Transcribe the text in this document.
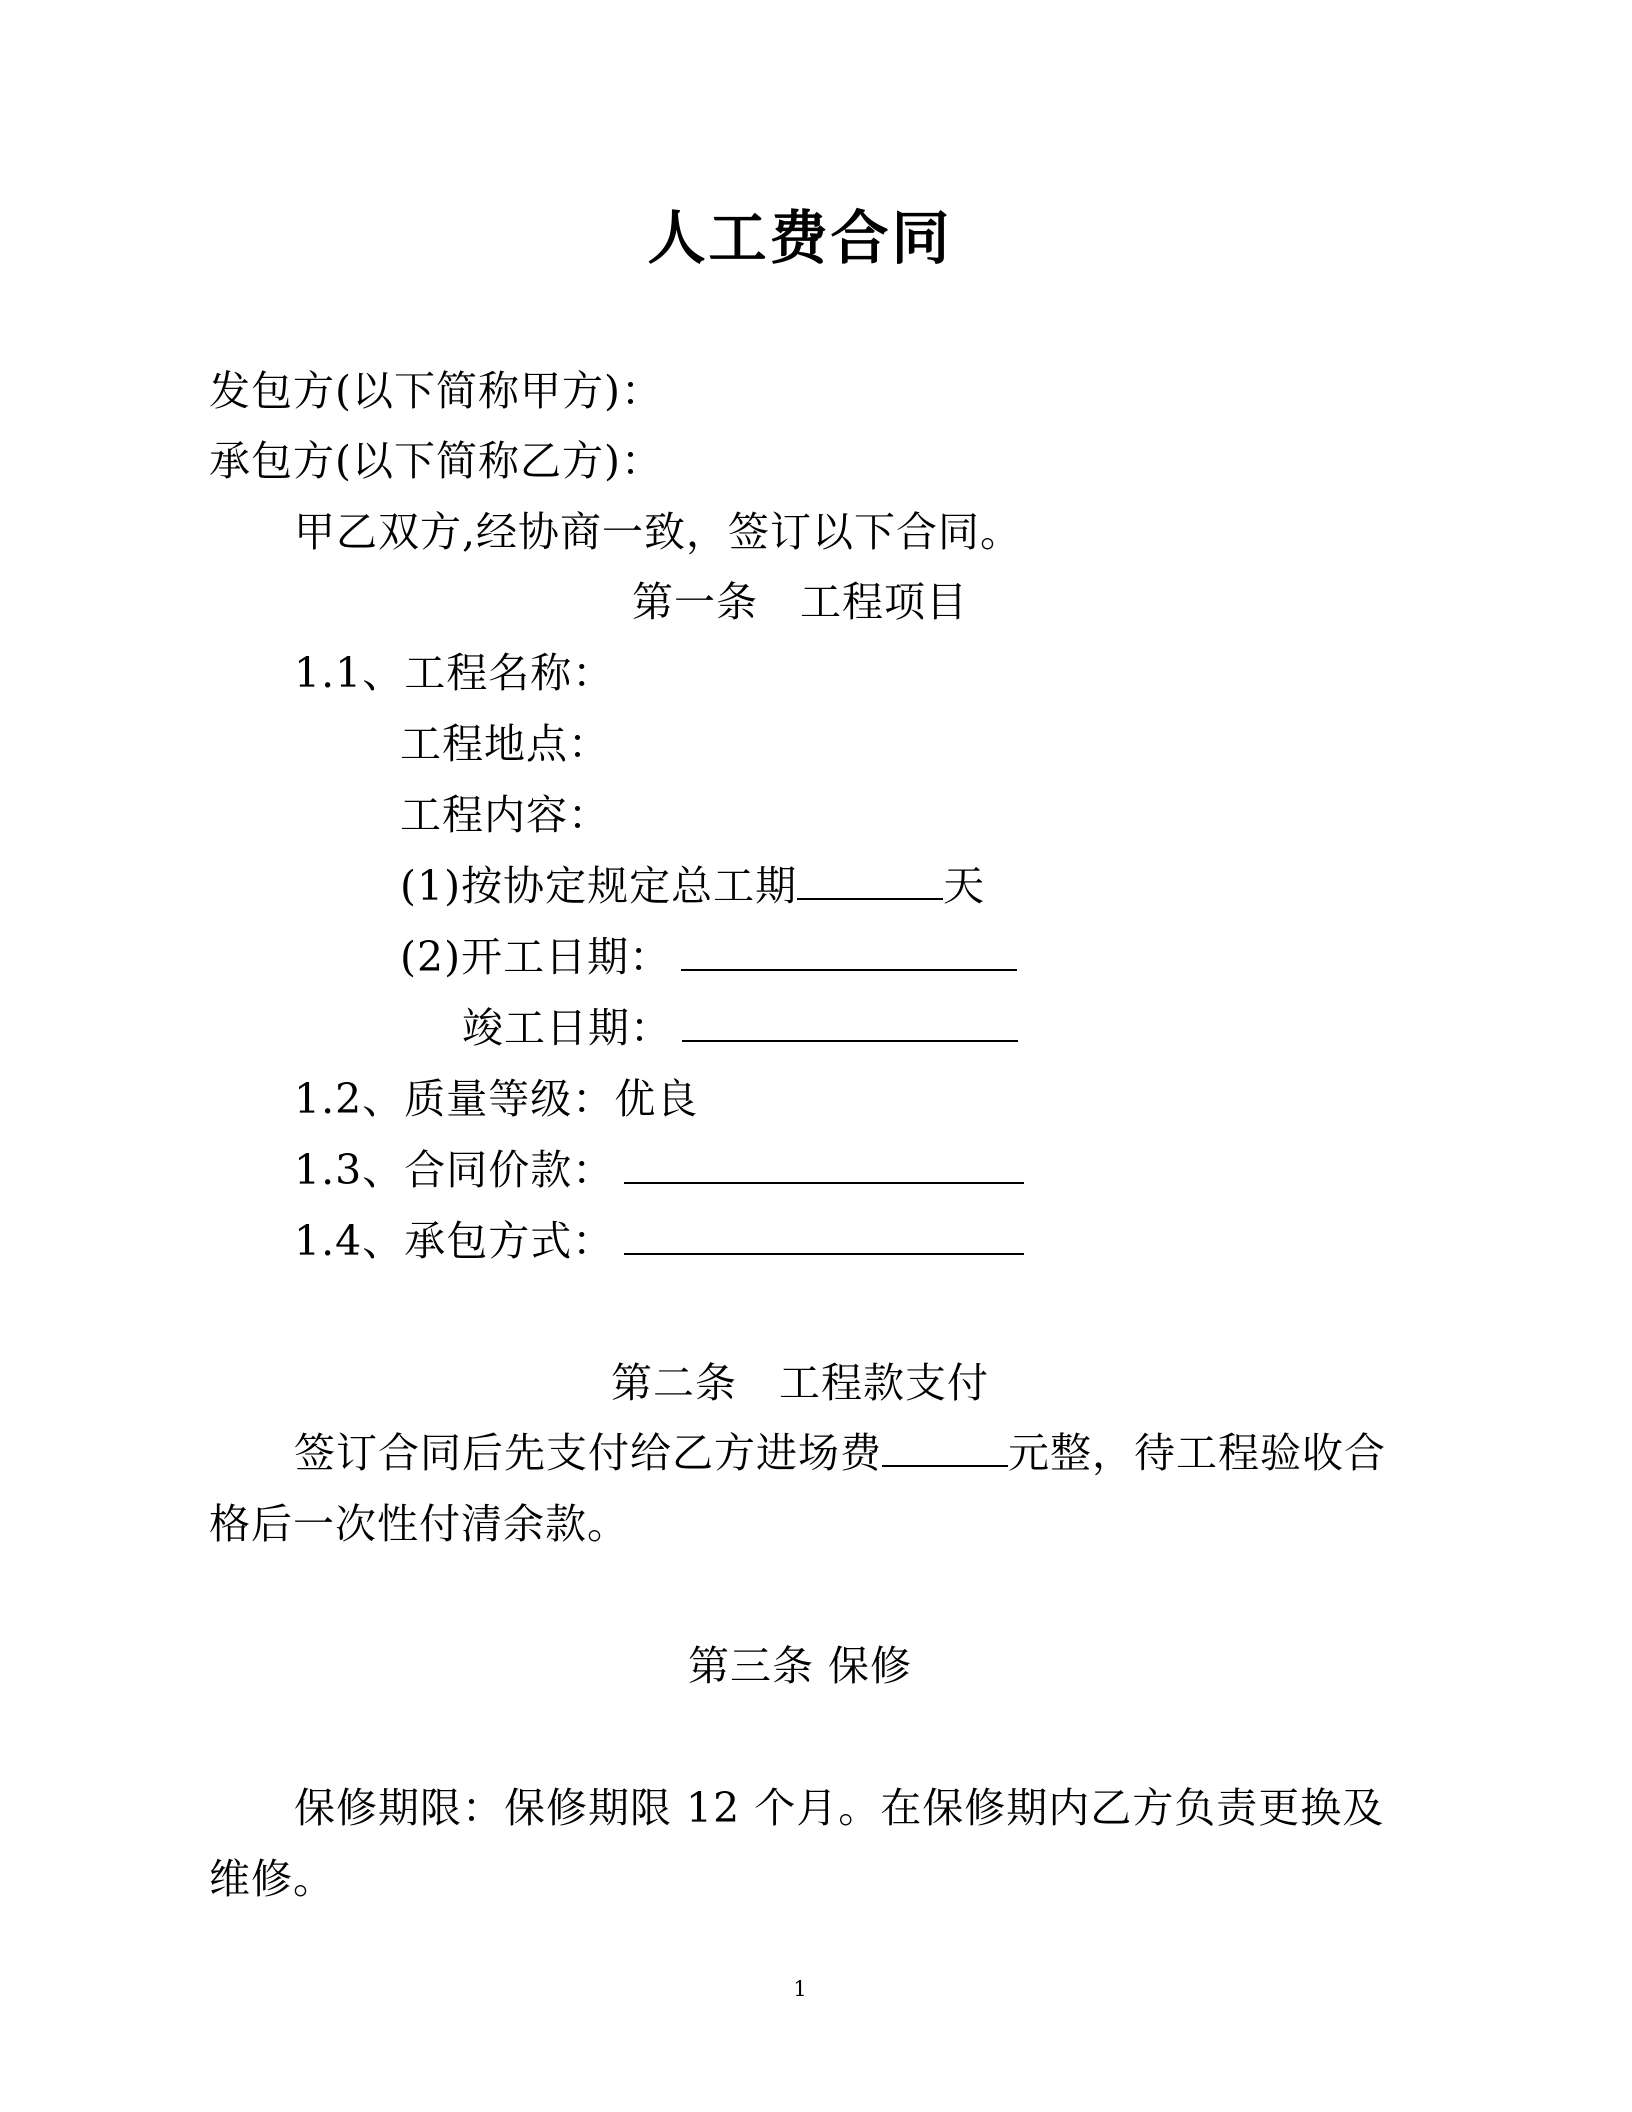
人工费合同
发包方(以下简称甲方)：
承包方(以下简称乙方)：
甲乙双方,经协商一致，签订以下合同。
第一条　工程项目
1.1、工程名称：
工程地点：
工程内容：
(1)按协定规定总工期	天
(2)开工日期：
竣工日期：
1.2、质量等级：优良
1.3、合同价款：
1.4、承包方式：
第二条　工程款支付
签订合同后先支付给乙方进场费	元整，待工程验收合
格后一次性付清余款。
第三条 保修
保修期限：保修期限 12 个月。在保修期内乙方负责更换及
维修。
1
